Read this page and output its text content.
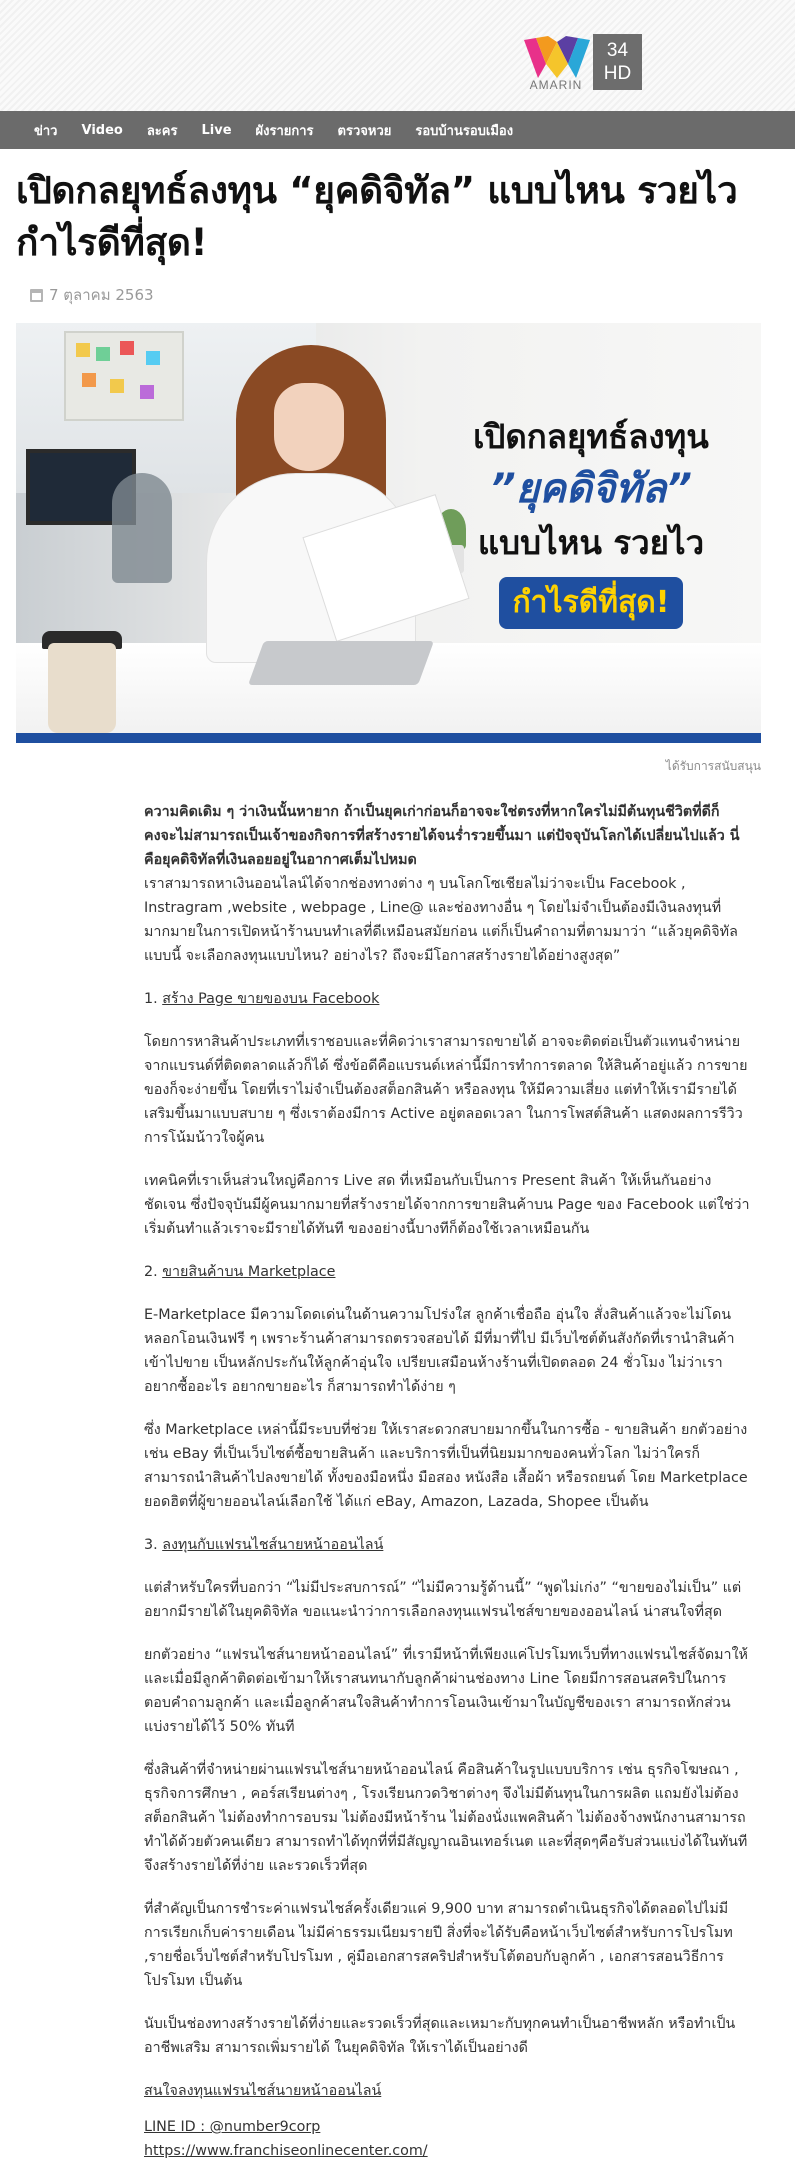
AMARIN
34
HD
ข่าว	Video	ละคร	Live	ผังรายการ	ตรวจหวย	รอบบ้านรอบเมือง
เปิดกลยุทธ์ลงทุน “ยุคดิจิทัล” แบบไหน รวยไว กำไรดีที่สุด!
7 ตุลาคม 2563
เปิดกลยุทธ์ลงทุน
”ยุคดิจิทัล”
แบบไหน รวยไว
กำไรดีที่สุด!
ได้รับการสนับสนุน

ความคิดเดิม ๆ ว่าเงินนั้นหายาก ถ้าเป็นยุคเก่าก่อนก็อาจจะใช่ตรงที่หากใครไม่มีต้นทุนชีวิตที่ดีก็คงจะไม่สามารถเป็นเจ้าของกิจการที่สร้างรายได้จนร่ำรวยขึ้นมา แต่ปัจจุบันโลกได้เปลี่ยนไปแล้ว นี่คือยุคดิจิทัลที่เงินลอยอยู่ในอากาศเต็มไปหมด

เราสามารถหาเงินออนไลน์ได้จากช่องทางต่าง ๆ บนโลกโซเชียลไม่ว่าจะเป็น Facebook , Instragram ,website , webpage , Line@ และช่องทางอื่น ๆ โดยไม่จำเป็นต้องมีเงินลงทุนที่มากมายในการเปิดหน้าร้านบนทำเลที่ดีเหมือนสมัยก่อน แต่ก็เป็นคำถามที่ตามมาว่า “แล้วยุคดิจิทัลแบบนี้ จะเลือกลงทุนแบบไหน? อย่างไร? ถึงจะมีโอกาสสร้างรายได้อย่างสูงสุด”

1. สร้าง Page ขายของบน Facebook

โดยการหาสินค้าประเภทที่เราชอบและที่คิดว่าเราสามารถขายได้ อาจจะติดต่อเป็นตัวแทนจำหน่ายจากแบรนด์ที่ติดตลาดแล้วก็ได้ ซึ่งข้อดีคือแบรนด์เหล่านี้มีการทำการตลาด ให้สินค้าอยู่แล้ว การขายของก็จะง่ายขึ้น โดยที่เราไม่จำเป็นต้องสต็อกสินค้า หรือลงทุน ให้มีความเสี่ยง แต่ทำให้เรามีรายได้เสริมขึ้นมาแบบสบาย ๆ ซึ่งเราต้องมีการ Active อยู่ตลอดเวลา ในการโพสต์สินค้า แสดงผลการรีวิว การโน้มน้าวใจผู้คน

เทคนิคที่เราเห็นส่วนใหญ่คือการ Live สด ที่เหมือนกับเป็นการ Present สินค้า ให้เห็นกันอย่างชัดเจน ซึ่งปัจจุบันมีผู้คนมากมายที่สร้างรายได้จากการขายสินค้าบน Page ของ Facebook แต่ใช่ว่าเริ่มต้นทำแล้วเราจะมีรายได้ทันที ของอย่างนี้บางทีก็ต้องใช้เวลาเหมือนกัน

2. ขายสินค้าบน Marketplace

E-Marketplace มีความโดดเด่นในด้านความโปร่งใส ลูกค้าเชื่อถือ อุ่นใจ สั่งสินค้าแล้วจะไม่โดนหลอกโอนเงินฟรี ๆ เพราะร้านค้าสามารถตรวจสอบได้ มีที่มาที่ไป มีเว็บไซต์ต้นสังกัดที่เรานำสินค้าเข้าไปขาย เป็นหลักประกันให้ลูกค้าอุ่นใจ เปรียบเสมือนห้างร้านที่เปิดตลอด 24 ชั่วโมง ไม่ว่าเราอยากซื้ออะไร อยากขายอะไร ก็สามารถทำได้ง่าย ๆ

ซึ่ง Marketplace เหล่านี้มีระบบที่ช่วย ให้เราสะดวกสบายมากขึ้นในการซื้อ - ขายสินค้า ยกตัวอย่างเช่น eBay ที่เป็นเว็บไซต์ซื้อขายสินค้า และบริการที่เป็นที่นิยมมากของคนทั่วโลก ไม่ว่าใครก็สามารถนำสินค้าไปลงขายได้ ทั้งของมือหนึ่ง มือสอง หนังสือ เสื้อผ้า หรือรถยนต์ โดย Marketplace ยอดฮิตที่ผู้ขายออนไลน์เลือกใช้ ได้แก่ eBay, Amazon, Lazada, Shopee เป็นต้น

3. ลงทุนกับแฟรนไชส์นายหน้าออนไลน์

แต่สำหรับใครที่บอกว่า “ไม่มีประสบการณ์” “ไม่มีความรู้ด้านนี้” “พูดไม่เก่ง” “ขายของไม่เป็น” แต่อยากมีรายได้ในยุคดิจิทัล ขอแนะนำว่าการเลือกลงทุนแฟรนไชส์ขายของออนไลน์ น่าสนใจที่สุด

ยกตัวอย่าง “แฟรนไชส์นายหน้าออนไลน์” ที่เรามีหน้าที่เพียงแค่โปรโมทเว็บที่ทางแฟรนไชส์จัดมาให้ และเมื่อมีลูกค้าติดต่อเข้ามาให้เราสนทนากับลูกค้าผ่านช่องทาง Line โดยมีการสอนสคริปในการตอบคำถามลูกค้า และเมื่อลูกค้าสนใจสินค้าทำการโอนเงินเข้ามาในบัญชีของเรา สามารถหักส่วนแบ่งรายได้ไว้ 50% ทันที

ซึ่งสินค้าที่จำหน่ายผ่านแฟรนไชส์นายหน้าออนไลน์ คือสินค้าในรูปแบบบริการ เช่น ธุรกิจโฆษณา , ธุรกิจการศึกษา , คอร์สเรียนต่างๆ , โรงเรียนกวดวิชาต่างๆ จึงไม่มีต้นทุนในการผลิต แถมยังไม่ต้องสต็อกสินค้า ไม่ต้องทำการอบรม ไม่ต้องมีหน้าร้าน ไม่ต้องนั่งแพคสินค้า ไม่ต้องจ้างพนักงานสามารถทำได้ด้วยตัวคนเดียว สามารถทำได้ทุกที่ที่มีสัญญาณอินเทอร์เนต และที่สุดๆคือรับส่วนแบ่งได้ในทันทีจึงสร้างรายได้ที่ง่าย และรวดเร็วที่สุด

ที่สำคัญเป็นการชำระค่าแฟรนไชส์ครั้งเดียวแค่ 9,900 บาท สามารถดำเนินธุรกิจได้ตลอดไปไม่มีการเรียกเก็บค่ารายเดือน ไม่มีค่าธรรมเนียมรายปี สิ่งที่จะได้รับคือหน้าเว็บไซต์สำหรับการโปรโมท ,รายชื่อเว็บไซต์สำหรับโปรโมท , คู่มือเอกสารสคริปสำหรับโต้ตอบกับลูกค้า , เอกสารสอนวิธีการโปรโมท เป็นต้น

นับเป็นช่องทางสร้างรายได้ที่ง่ายและรวดเร็วที่สุดและเหมาะกับทุกคนทำเป็นอาชีพหลัก หรือทำเป็นอาชีพเสริม สามารถเพิ่มรายได้ ในยุคดิจิทัล ให้เราได้เป็นอย่างดี

สนใจลงทุนแฟรนไชส์นายหน้าออนไลน์

LINE ID : @number9corp
https://www.franchiseonlinecenter.com/
